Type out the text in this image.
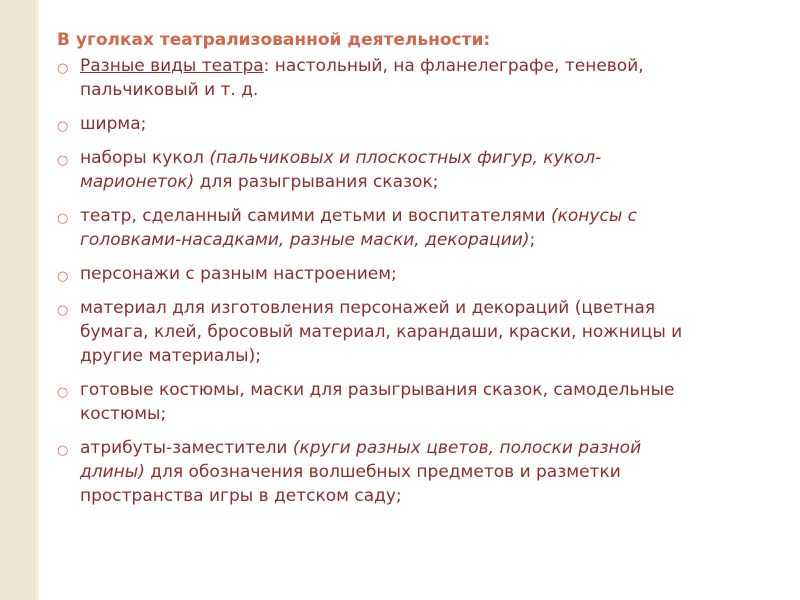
В уголках театрализованной деятельности:
○ Разные виды театра: настольный, на фланелеграфе, теневой, пальчиковый и т. д.
○ ширма;
○ наборы кукол (пальчиковых и плоскостных фигур, кукол-марионеток) для разыгрывания сказок;
○ театр, сделанный самими детьми и воспитателями (конусы с головками-насадками, разные маски, декорации);
○ персонажи с разным настроением;
○ материал для изготовления персонажей и декораций (цветная бумага, клей, бросовый материал, карандаши, краски, ножницы и другие материалы);
○ готовые костюмы, маски для разыгрывания сказок, самодельные костюмы;
○ атрибуты-заместители (круги разных цветов, полоски разной длины) для обозначения волшебных предметов и разметки пространства игры в детском саду;
